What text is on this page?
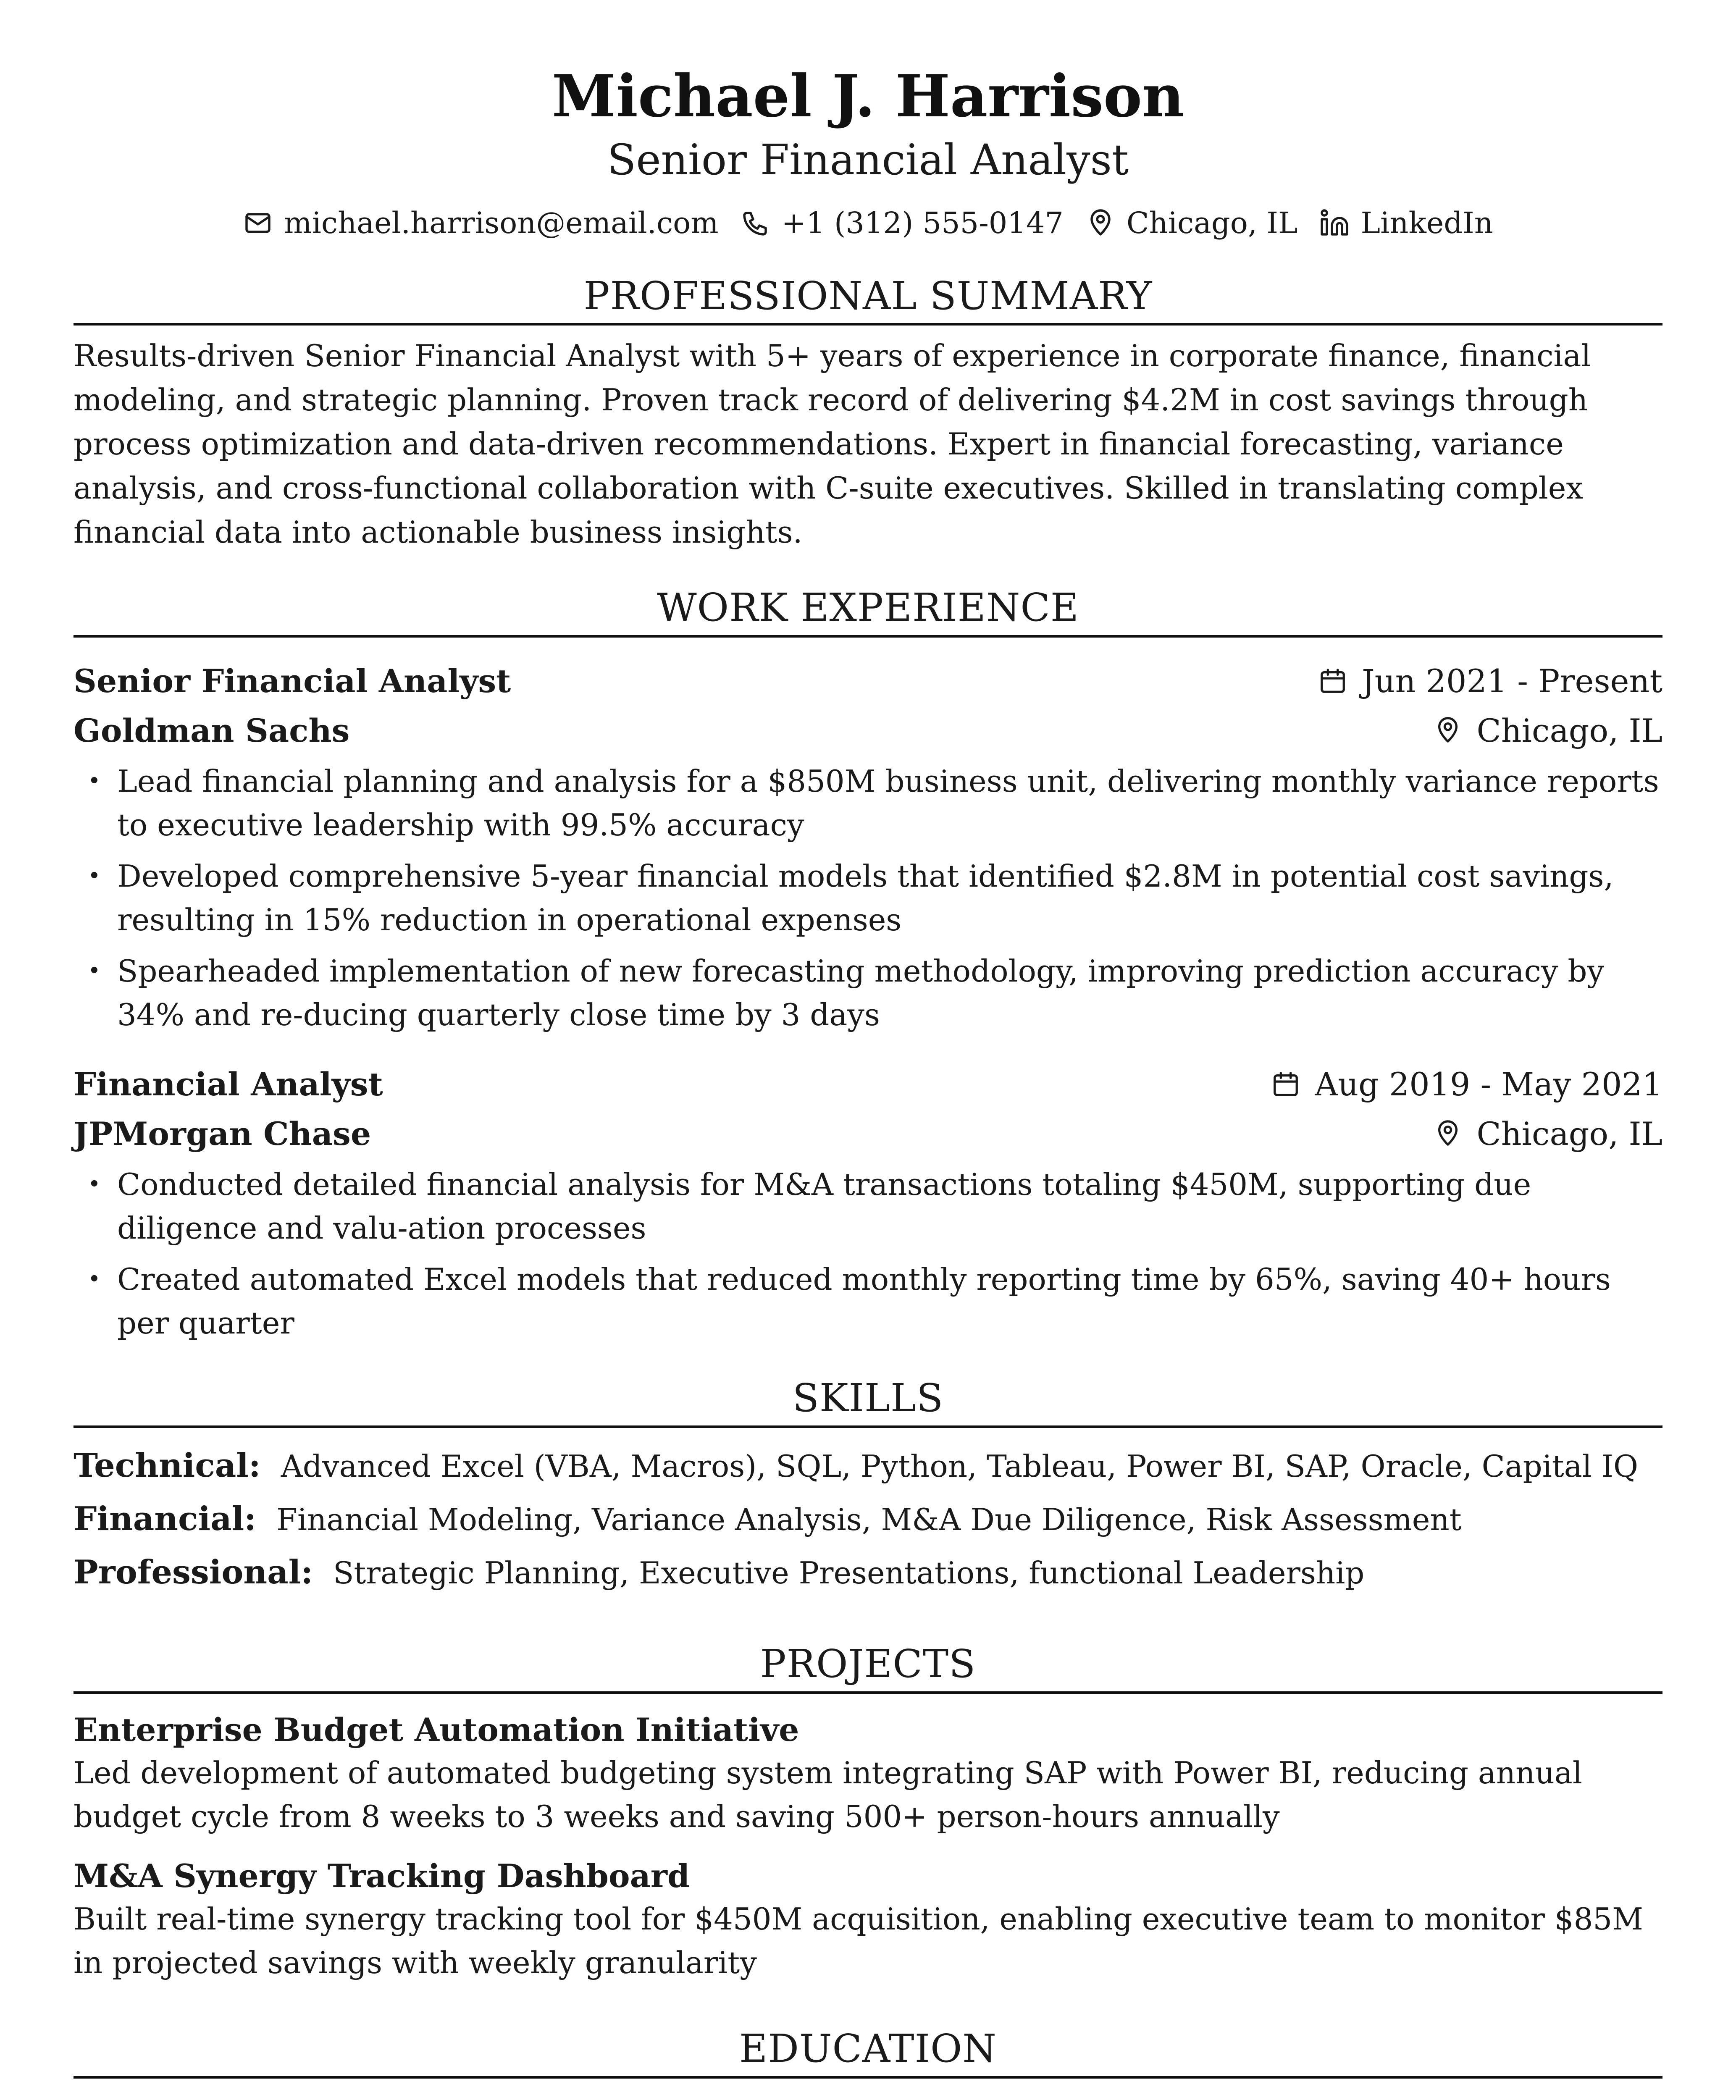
Michael J. Harrison
Senior Financial Analyst
michael.harrison@email.com +1 (312) 555-0147 Chicago, IL LinkedIn
PROFESSIONAL SUMMARY
Results-driven Senior Financial Analyst with 5+ years of experience in corporate finance, financial modeling, and strategic planning. Proven track record of delivering $4.2M in cost savings through process optimization and data-driven recommendations. Expert in financial forecasting, variance analysis, and cross-functional collaboration with C-suite executives. Skilled in translating complex financial data into actionable business insights.
WORK EXPERIENCE
Senior Financial Analyst	Jun 2021 - Present
Goldman Sachs	Chicago, IL
• Lead financial planning and analysis for a $850M business unit, delivering monthly variance reports to executive leadership with 99.5% accuracy
• Developed comprehensive 5-year financial models that identified $2.8M in potential cost savings, resulting in 15% reduction in operational expenses
• Spearheaded implementation of new forecasting methodology, improving prediction accuracy by 34% and re-ducing quarterly close time by 3 days
Financial Analyst	Aug 2019 - May 2021
JPMorgan Chase	Chicago, IL
• Conducted detailed financial analysis for M&A transactions totaling $450M, supporting due diligence and valu-ation processes
• Created automated Excel models that reduced monthly reporting time by 65%, saving 40+ hours per quarter
SKILLS
Technical: Advanced Excel (VBA, Macros), SQL, Python, Tableau, Power BI, SAP, Oracle, Capital IQ
Financial: Financial Modeling, Variance Analysis, M&A Due Diligence, Risk Assessment
Professional: Strategic Planning, Executive Presentations, functional Leadership
PROJECTS
Enterprise Budget Automation Initiative
Led development of automated budgeting system integrating SAP with Power BI, reducing annual budget cycle from 8 weeks to 3 weeks and saving 500+ person-hours annually
M&A Synergy Tracking Dashboard
Built real-time synergy tracking tool for $450M acquisition, enabling executive team to monitor $85M in projected savings with weekly granularity
EDUCATION
